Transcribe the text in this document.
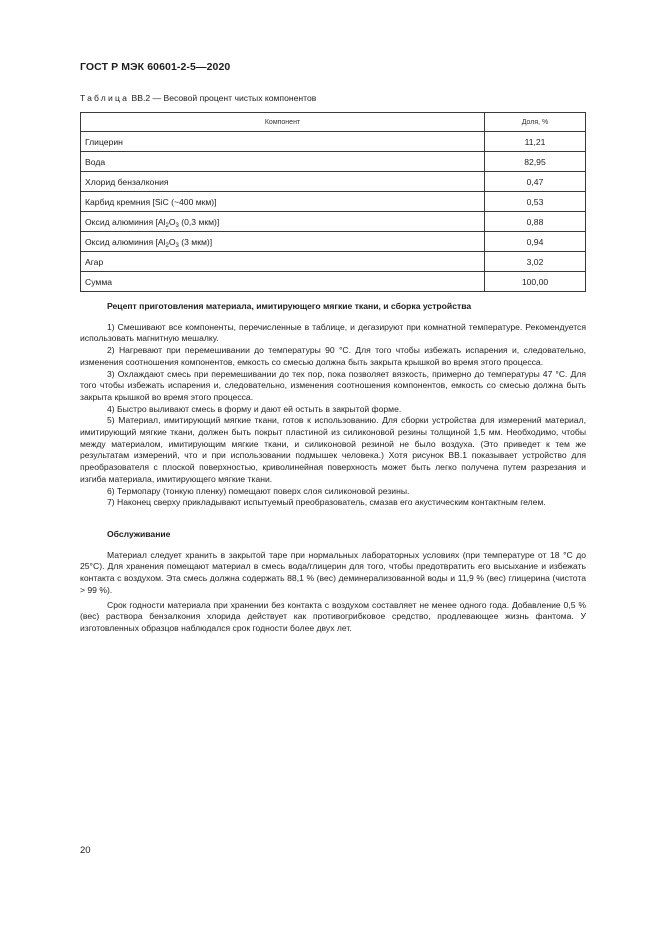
ГОСТ Р МЭК 60601-2-5—2020
Таблица ВВ.2 — Весовой процент чистых компонентов
Компонент	Доля, %
Глицерин	11,21
Вода	82,95
Хлорид бензалкония	0,47
Карбид кремния [SiC (~400 мкм)]	0,53
Оксид алюминия [$Al_2O_3$ (0,3 мкм)]	0,88
Оксид алюминия [$Al_2O_3$ (3 мкм)]	0,94
Агар	3,02
Сумма	100,00
Рецепт приготовления материала, имитирующего мягкие ткани, и сборка устройства

1) Смешивают все компоненты, перечисленные в таблице, и дегазируют при комнатной температуре. Рекомендуется использовать магнитную мешалку.

2) Нагревают при перемешивании до температуры 90 °С. Для того чтобы избежать испарения и, следовательно, изменения соотношения компонентов, емкость со смесью должна быть закрыта крышкой во время этого процесса.

3) Охлаждают смесь при перемешивании до тех пор, пока позволяет вязкость, примерно до температуры 47 °С. Для того чтобы избежать испарения и, следовательно, изменения соотношения компонентов, емкость со смесью должна быть закрыта крышкой во время этого процесса.

4) Быстро выливают смесь в форму и дают ей остыть в закрытой форме.

5) Материал, имитирующий мягкие ткани, готов к использованию. Для сборки устройства для измерений материал, имитирующий мягкие ткани, должен быть покрыт пластиной из силиконовой резины толщиной 1,5 мм. Необходимо, чтобы между материалом, имитирующим мягкие ткани, и силиконовой резиной не было воздуха. (Это приведет к тем же результатам измерений, что и при использовании подмышек человека.) Хотя рисунок ВВ.1 показывает устройство для преобразователя с плоской поверхностью, криволинейная поверхность может быть легко получена путем разрезания и изгиба материала, имитирующего мягкие ткани.

6) Термопару (тонкую пленку) помещают поверх слоя силиконовой резины.

7) Наконец сверху прикладывают испытуемый преобразователь, смазав его акустическим контактным гелем.

Обслуживание

Материал следует хранить в закрытой таре при нормальных лабораторных условиях (при температуре от 18 °С до 25°С). Для хранения помещают материал в смесь вода/глицерин для того, чтобы предотвратить его высыхание и избежать контакта с воздухом. Эта смесь должна содержать 88,1 % (вес) деминерализованной воды и 11,9 % (вес) глицерина (чистота > 99 %).

Срок годности материала при хранении без контакта с воздухом составляет не менее одного года. Добавление 0,5 % (вес) раствора бензалкония хлорида действует как противогрибковое средство, продлевающее жизнь фантома. У изготовленных образцов наблюдался срок годности более двух лет.

20
